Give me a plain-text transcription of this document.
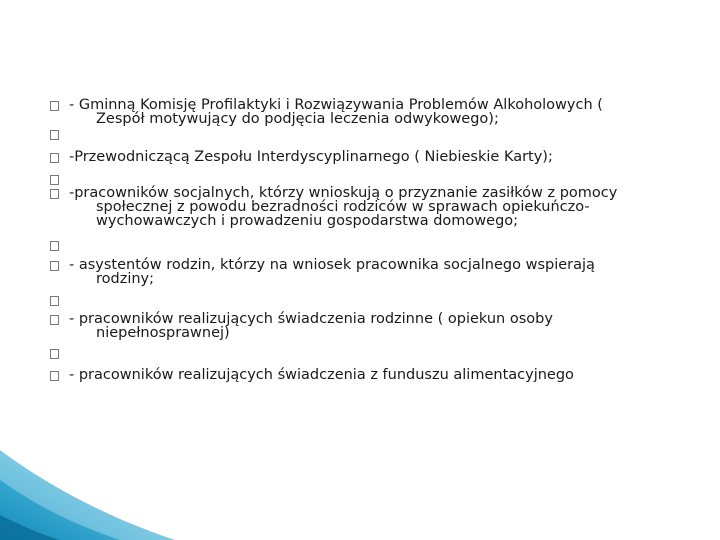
- Gminną Komisję Profilaktyki i Rozwiązywania Problemów Alkoholowych (
Zespół motywujący do podjęcia leczenia odwykowego);
-Przewodniczącą Zespołu Interdyscyplinarnego ( Niebieskie Karty);
-pracowników socjalnych, którzy wnioskują o przyznanie zasiłków z pomocy
społecznej z powodu bezradności rodziców w sprawach opiekuńczo-
wychowawczych i prowadzeniu gospodarstwa domowego;
- asystentów rodzin, którzy na wniosek pracownika socjalnego wspierają
rodziny;
- pracowników realizujących świadczenia rodzinne ( opiekun osoby
niepełnosprawnej)
- pracowników realizujących świadczenia z funduszu alimentacyjnego
